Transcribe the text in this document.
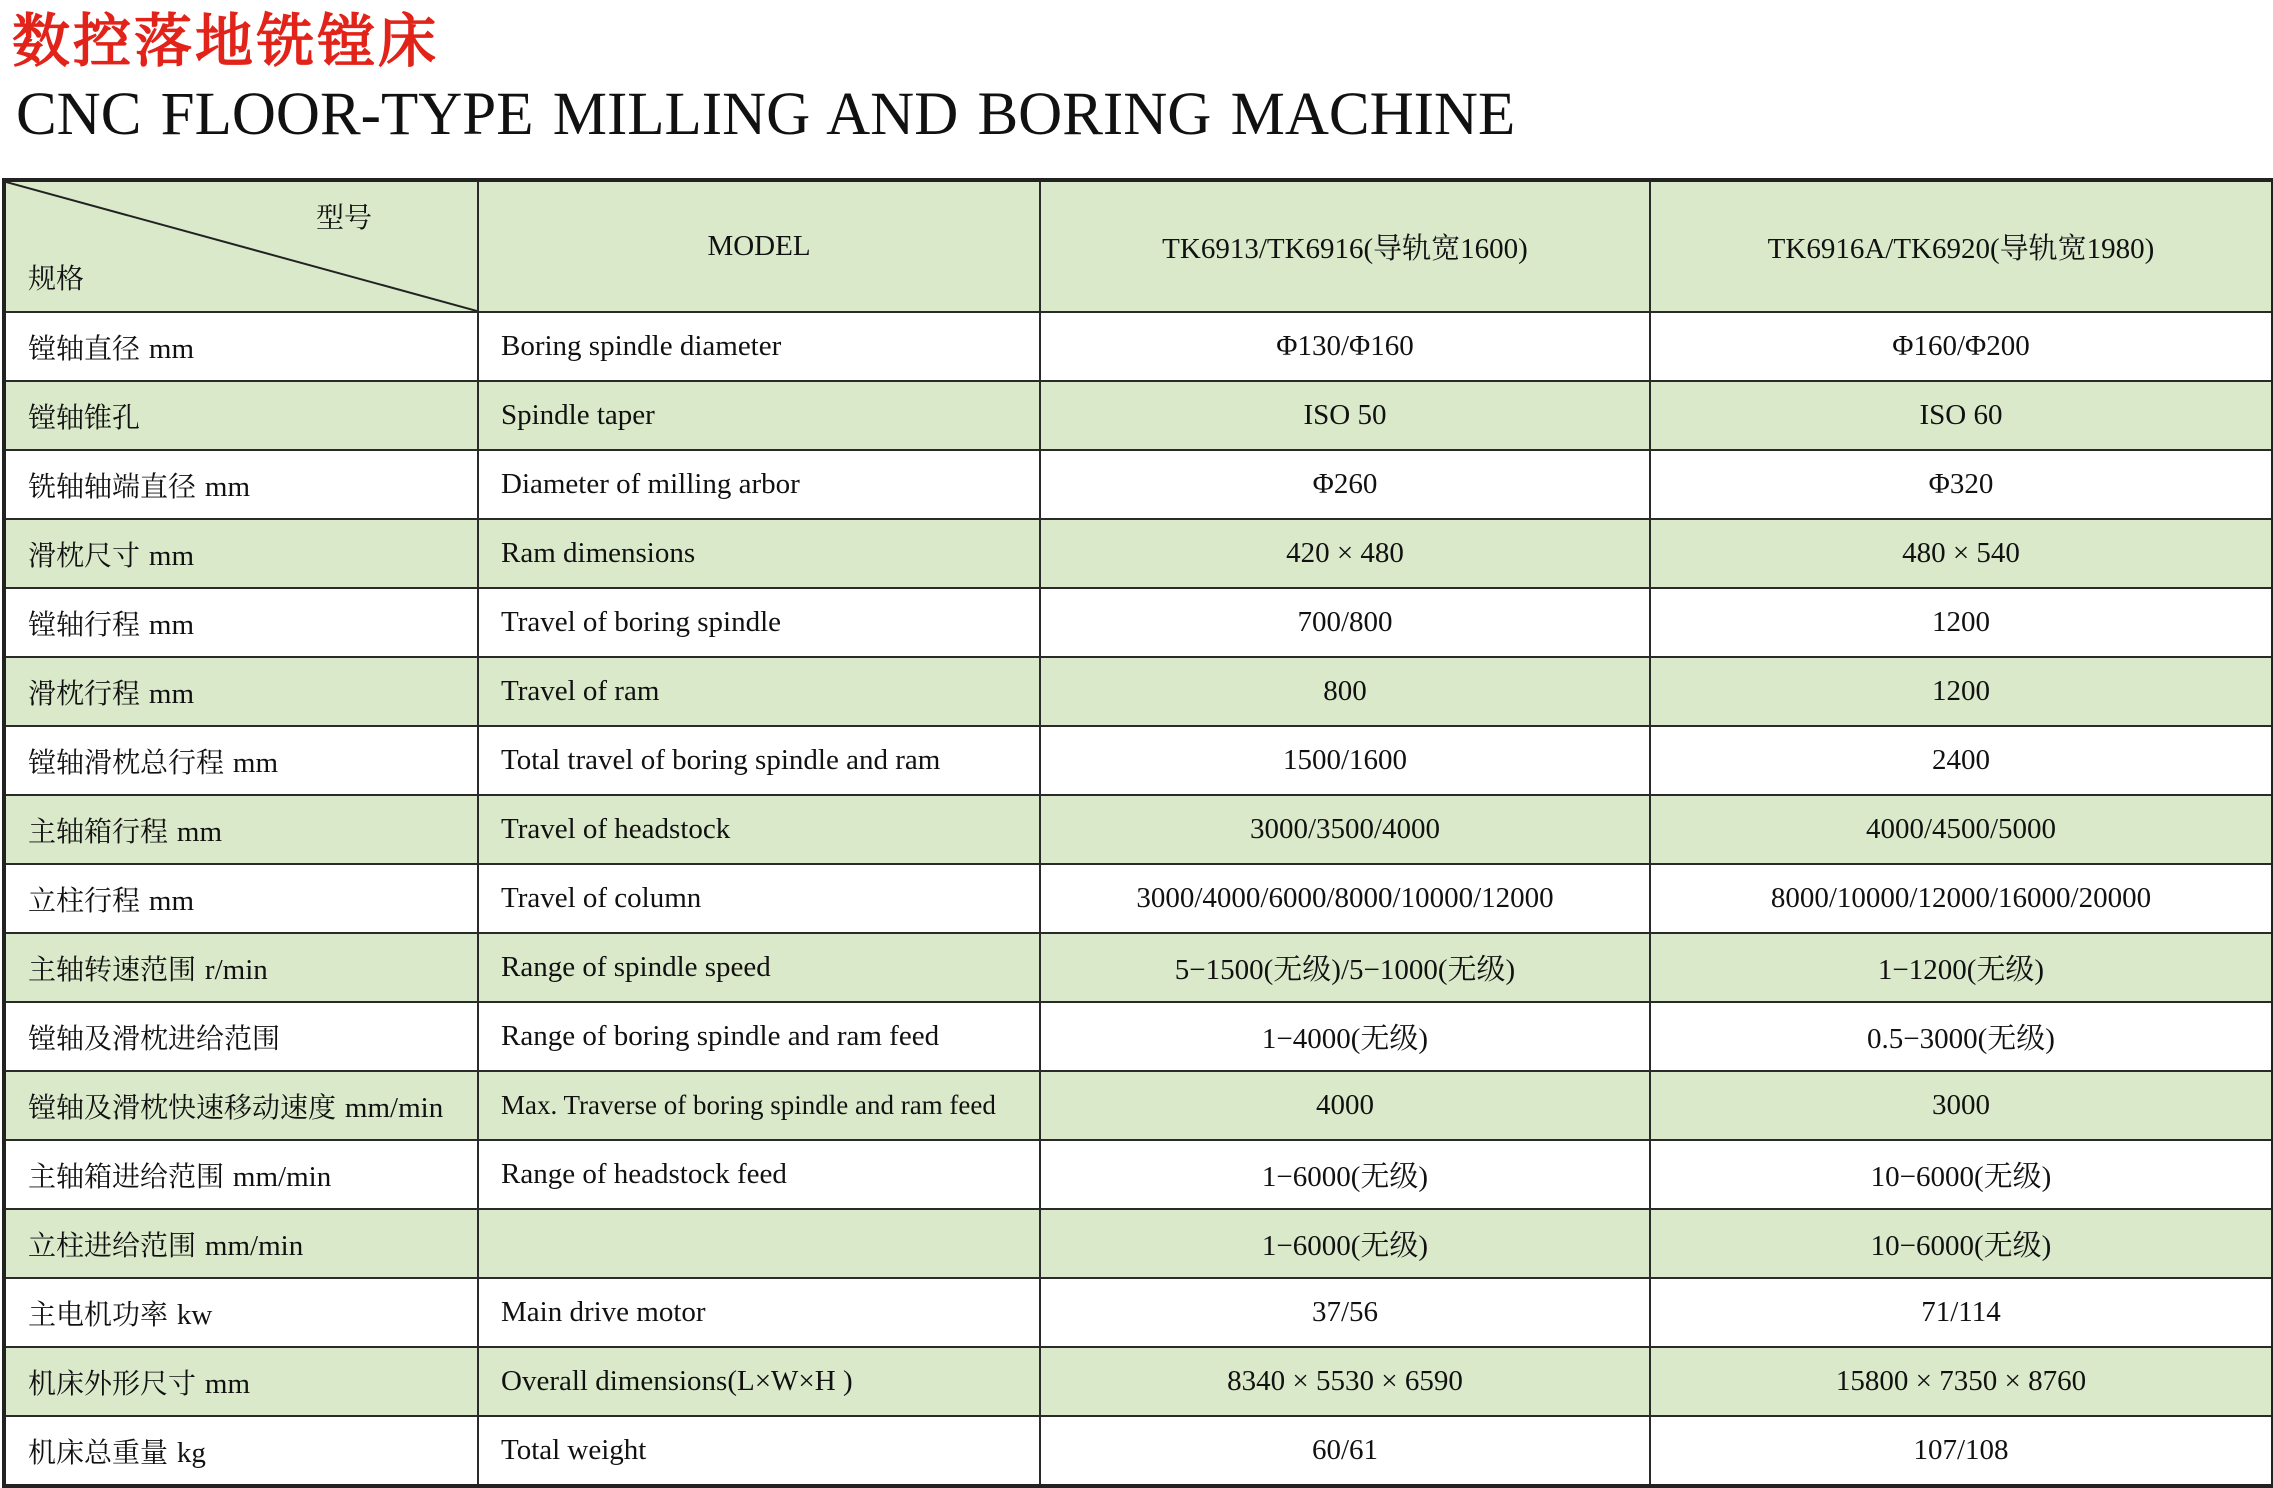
数控落地铣镗床
CNC FLOOR-TYPE MILLING AND BORING MACHINE
型号
规格	MODEL	TK6913/TK6916(导轨宽1600)	TK6916A/TK6920(导轨宽1980)
镗轴直径 mm	Boring spindle diameter	Φ130/Φ160	Φ160/Φ200
镗轴锥孔	Spindle taper	ISO 50	ISO 60
铣轴轴端直径 mm	Diameter of milling arbor	Φ260	Φ320
滑枕尺寸 mm	Ram dimensions	420 × 480	480 × 540
镗轴行程 mm	Travel of boring spindle	700/800	1200
滑枕行程 mm	Travel of ram	800	1200
镗轴滑枕总行程 mm	Total travel of boring spindle and ram	1500/1600	2400
主轴箱行程 mm	Travel of headstock	3000/3500/4000	4000/4500/5000
立柱行程 mm	Travel of column	3000/4000/6000/8000/10000/12000	8000/10000/12000/16000/20000
主轴转速范围 r/min	Range of spindle speed	5−1500(无级)/5−1000(无级)	1−1200(无级)
镗轴及滑枕进给范围	Range of boring spindle and ram feed	1−4000(无级)	0.5−3000(无级)
镗轴及滑枕快速移动速度 mm/min	Max. Traverse of boring spindle and ram feed	4000	3000
主轴箱进给范围 mm/min	Range of headstock feed	1−6000(无级)	10−6000(无级)
立柱进给范围 mm/min		1−6000(无级)	10−6000(无级)
主电机功率 kw	Main drive motor	37/56	71/114
机床外形尺寸 mm	Overall dimensions(L×W×H )	8340 × 5530 × 6590	15800 × 7350 × 8760
机床总重量 kg	Total weight	60/61	107/108
